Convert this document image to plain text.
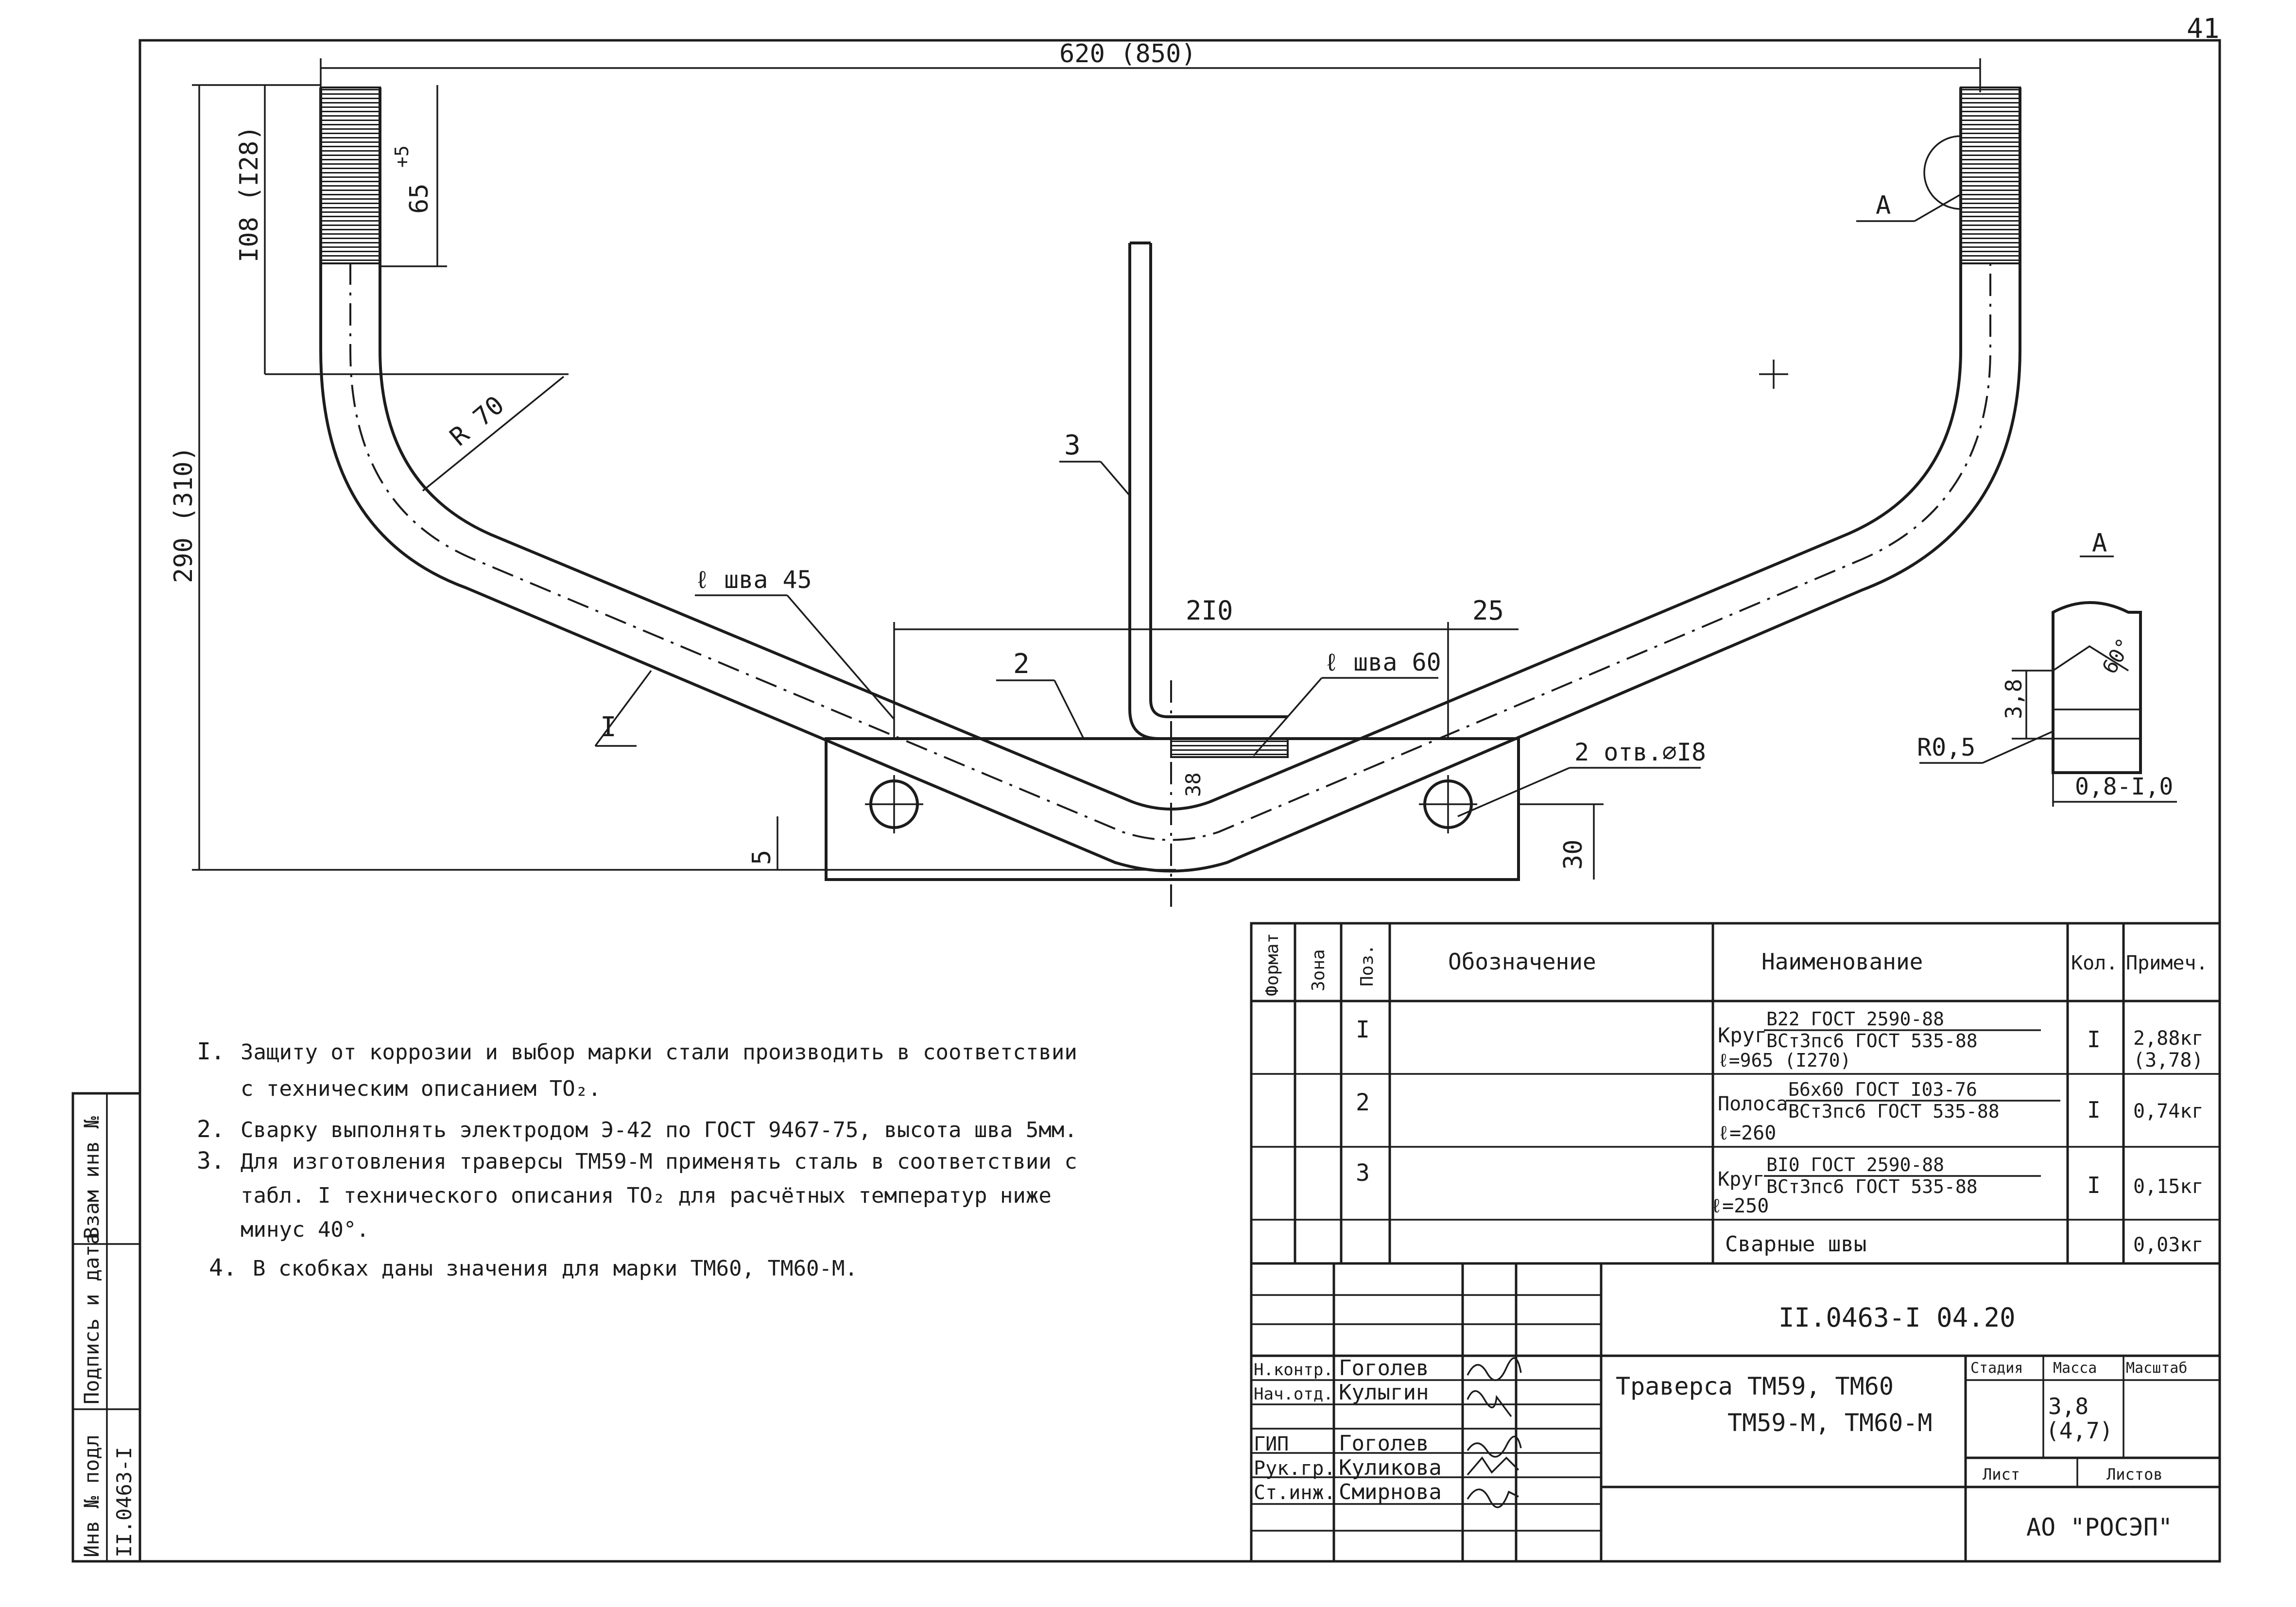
41
Инв № подл
Подпись и дата
Взам инв №
II.0463-I
620 (850)
290 (310)
I08 (I28)	65
+5
2I0	25
5	30
38
R 70
I
2
3
ℓ шва 45
ℓ шва 60
2 отв.⌀I8
A
A
3,8
60°
R0,5
0,8-I,0
I. Защиту от коррозии и выбор марки стали производить в соответствии
с техническим описанием ТО₂.
2. Сварку выполнять электродом Э-42 по ГОСТ 9467-75, высота шва 5мм.
3. Для изготовления траверсы ТМ59-М применять сталь в соответствии с
табл. I технического описания ТО₂ для расчётных температур ниже
минус 40°.
4. В скобках даны значения для марки ТМ60, ТМ60-М.
Формат Зона Поз.	Обозначение	Наименование	Кол. Примеч.
I	Круг
B22 ГОСТ 2590-88
ВСт3пс6 ГОСТ 535-88
ℓ=965 (I270)
I 2,88кг
(3,78)
2	Полоса
Б6х60 ГОСТ I03-76
ВСт3пс6 ГОСТ 535-88
ℓ=260
I 0,74кг
3	Круг
BI0 ГОСТ 2590-88
ВСт3пс6 ГОСТ 535-88
ℓ=250
I 0,15кг
Сварные швы	0,03кг
II.0463-I 04.20
Траверса ТМ59, ТМ60
ТМ59-М, ТМ60-М
Стадия Масса Масштаб
3,8
(4,7)
Лист	Листов
АО "РОСЭП"
Н.контр. Гоголев
Нач.отд. Кулыгин
ГИП Гоголев
Рук.гр. Куликова
Ст.инж. Смирнова
